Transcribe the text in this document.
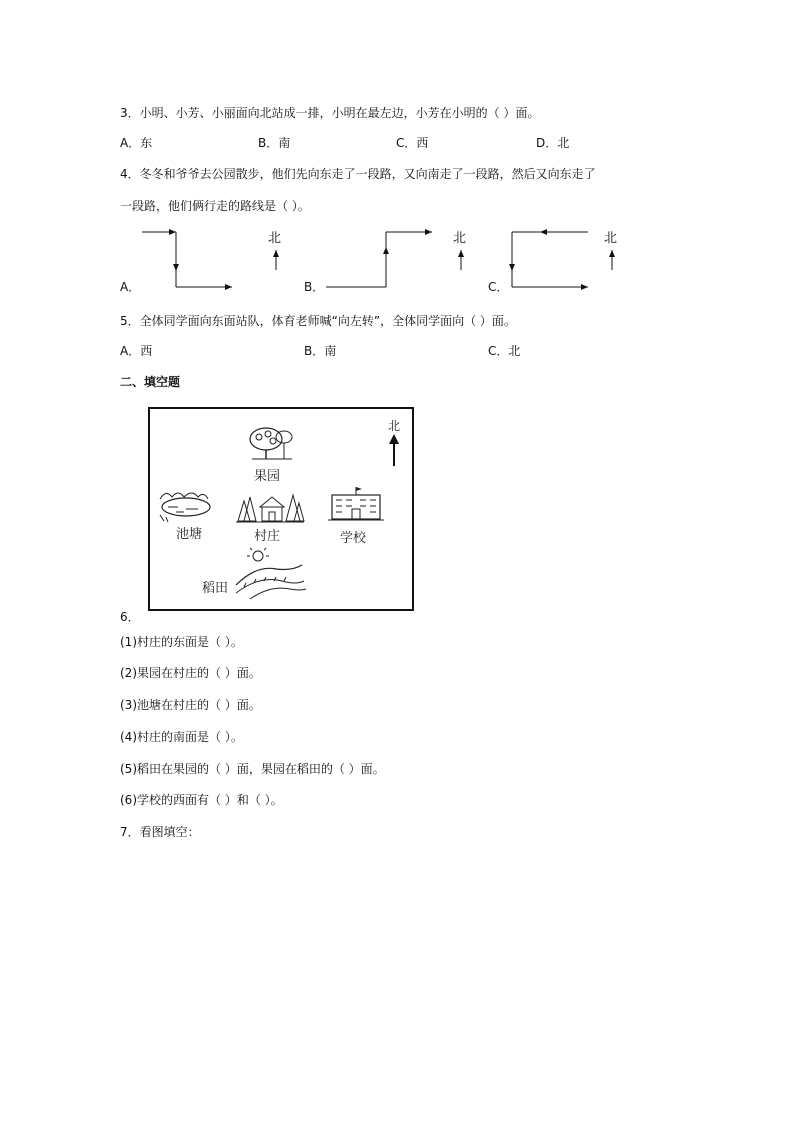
3．小明、小芳、小丽面向北站成一排，小明在最左边，小芳在小明的（ ）面。
A．东	B．南	C．西	D．北
4．冬冬和爷爷去公园散步，他们先向东走了一段路，又向南走了一段路，然后又向东走了
一段路，他们俩行走的路线是（ ）。
北	北	北
A．	B．	C．
5．全体同学面向东面站队，体育老师喊“向左转”，全体同学面向（ ）面。
A．西	B．南	C．北
二、填空题
北
果园
池塘	村庄	学校
稻田
6．
(1)村庄的东面是（ ）。
(2)果园在村庄的（ ）面。
(3)池塘在村庄的（ ）面。
(4)村庄的南面是（ ）。
(5)稻田在果园的（ ）面，果园在稻田的（ ）面。
(6)学校的西面有（ ）和（ ）。
7．看图填空：
